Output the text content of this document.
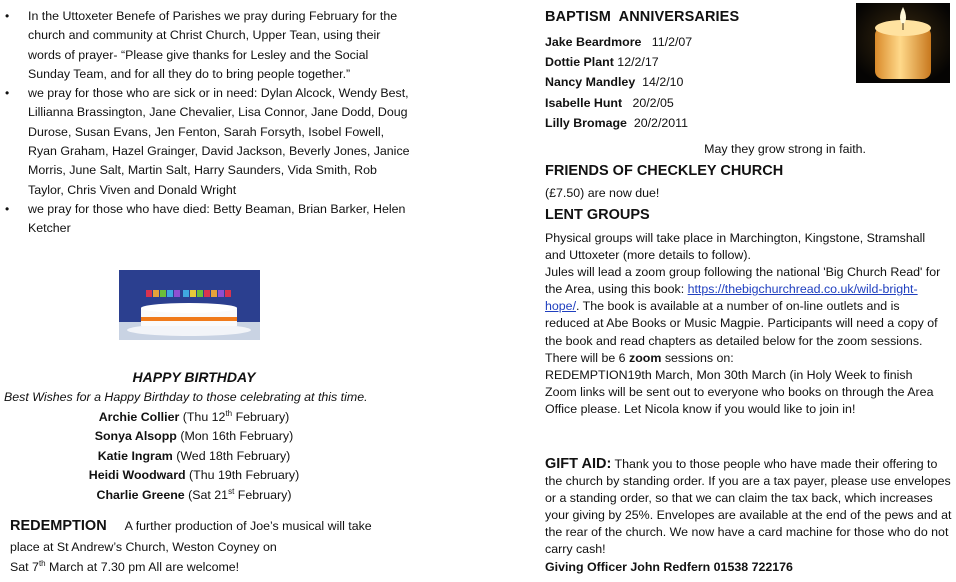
• In the Uttoxeter Benefe of Parishes we pray during February for the church and community at Christ Church, Upper Tean, using their words of prayer- “Please give thanks for Lesley and the Social Sunday Team, and for all they do to bring people together.”
• we pray for those who are sick or in need: Dylan Alcock, Wendy Best, Lillianna Brassington, Jane Chevalier, Lisa Connor, Jane Dodd, Doug Durose, Susan Evans, Jen Fenton, Sarah Forsyth, Isobel Fowell, Ryan Graham, Hazel Grainger, David Jackson, Beverly Jones, Janice Morris, June Salt, Martin Salt, Harry Saunders, Vida Smith, Rob Taylor, Chris Viven and Donald Wright
• we pray for those who have died: Betty Beaman, Brian Barker, Helen Ketcher
HAPPY BIRTHDAY
Best Wishes for a Happy Birthday to those celebrating at this time.
Archie Collier (Thu 12th February)
Sonya Alsopp (Mon 16th February)
Katie Ingram (Wed 18th February)
Heidi Woodward (Thu 19th February)
Charlie Greene (Sat 21st February)
REDEMPTION A further production of Joe’s musical will take place at St Andrew’s Church, Weston Coyney on
Sat 7th March at 7.30 pm All are welcome!
BAPTISM  ANNIVERSARIES
Jake Beardmore 11/2/07
Dottie Plant 12/2/17
Nancy Mandley 14/2/10
Isabelle Hunt 20/2/05
Lilly Bromage 20/2/2011
May they grow strong in faith.
FRIENDS OF CHECKLEY CHURCH
(£7.50) are now due!
LENT GROUPS

Physical groups will take place in Marchington, Kingstone, Stramshall and Uttoxeter (more details to follow).

Jules will lead a zoom group following the national 'Big Church Read' for the Area, using this book: https://thebigchurchread.co.uk/wild-bright-hope/. The book is available at a number of on-line outlets and is reduced at Abe Books or Music Magpie. Participants will need a copy of the book and read chapters as detailed below for the zoom sessions.

There will be 6 zoom sessions on:

REDEMPTION19th March, Mon 30th March (in Holy Week to finish

Zoom links will be sent out to everyone who books on through the Area Office please. Let Nicola know if you would like to join in!

GIFT AID: Thank you to those people who have made their offering to the church by standing order. If you are a tax payer, please use envelopes or a standing order, so that we can claim the tax back, which increases your giving by 25%. Envelopes are available at the end of the pews and at the rear of the church. We now have a card machine for those who do not carry cash!
Giving Officer John Redfern 01538 722176
